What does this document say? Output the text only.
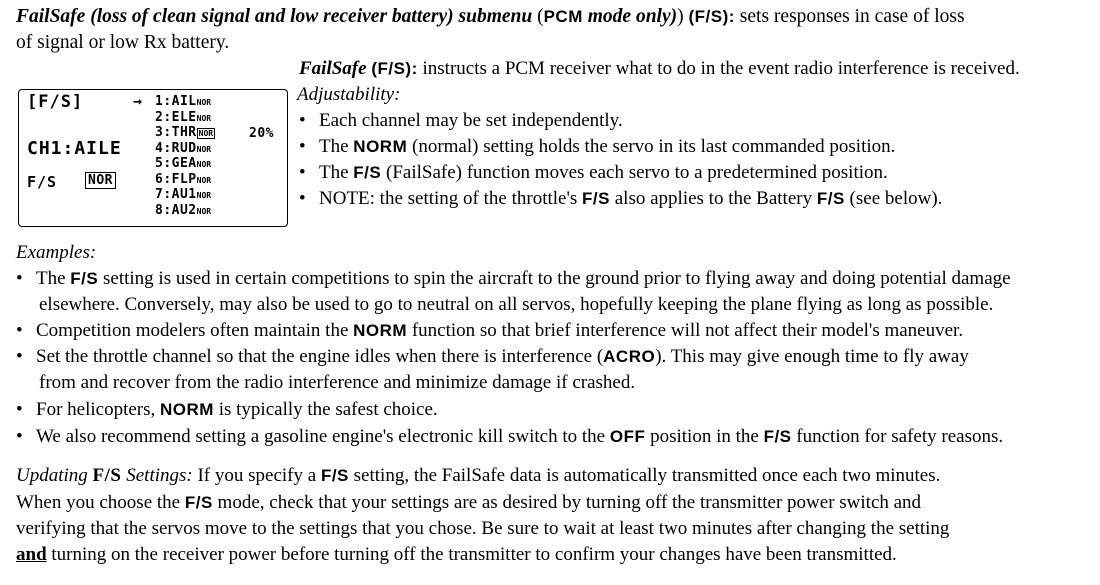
FailSafe (loss of clean signal and low receiver battery) submenu (PCM mode only)) (F/S): sets responses in case of loss
of signal or low Rx battery.
FailSafe (F/S): instructs a PCM receiver what to do in the event radio interference is received.
Adjustability:
• Each channel may be set independently.
• The NORM (normal) setting holds the servo in its last commanded position.
• The F/S (FailSafe) function moves each servo to a predetermined position.
• NOTE: the setting of the throttle's F/S also applies to the Battery F/S (see below).
[F/S]	→ 1:AILNOR
2:ELENOR
3:THR NOR
4:RUDNOR
5:GEANOR
6:FLPNOR
7:AU1NOR
8:AU2NOR
20%
CH1:AILE
F/S NOR
Examples:
• The F/S setting is used in certain competitions to spin the aircraft to the ground prior to flying away and doing potential damage
elsewhere. Conversely, may also be used to go to neutral on all servos, hopefully keeping the plane flying as long as possible.
• Competition modelers often maintain the NORM function so that brief interference will not affect their model's maneuver.
• Set the throttle channel so that the engine idles when there is interference (ACRO). This may give enough time to fly away
from and recover from the radio interference and minimize damage if crashed.
• For helicopters, NORM is typically the safest choice.
• We also recommend setting a gasoline engine's electronic kill switch to the OFF position in the F/S function for safety reasons.
Updating F/S Settings: If you specify a F/S setting, the FailSafe data is automatically transmitted once each two minutes.
When you choose the F/S mode, check that your settings are as desired by turning off the transmitter power switch and
verifying that the servos move to the settings that you chose. Be sure to wait at least two minutes after changing the setting
and turning on the receiver power before turning off the transmitter to confirm your changes have been transmitted.
